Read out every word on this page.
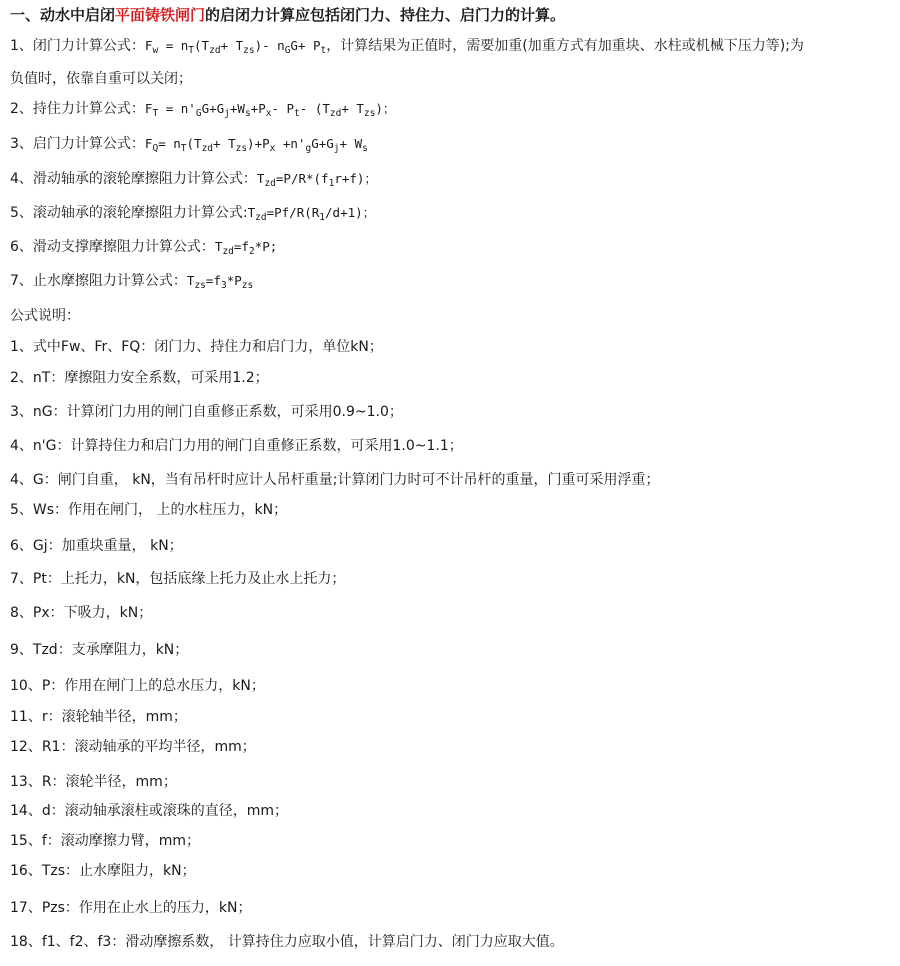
一、动水中启闭平面铸铁闸门的启闭力计算应包括闭门力、持住力、启门力的计算。
1、闭门力计算公式：$F_w = n_T(T_{zd}+ T_{zs})-$ $n_GG+ P_t$，计算结果为正值时，需要加重(加重方式有加重块、水柱或机械下压力等);为
负值时，依靠自重可以关闭；
2、持住力计算公式：$F_T = n'_GG+G_j+W_s+P_x-$ $P_t-$ $(T_{zd}+ T_{zs})$；
3、启门力计算公式：$F_Q= n_T(T_{zd}+ T_{zs})+P_x +n'_gG+G_j+ W_s$
4、滑动轴承的滚轮摩擦阻力计算公式：$T_{zd}=P/R*(f_1r+f)$；
5、滚动轴承的滚轮摩擦阻力计算公式$:T_{zd}=Pf/R(R_1/d+1)$；
6、滑动支撑摩擦阻力计算公式：$T_{zd}=f_2*P$;
7、止水摩擦阻力计算公式：$T_{zs}=f_3*P_{zs}$
公式说明：
1、式中Fw、Fr、FQ：闭门力、持住力和启门力，单位kN；
2、nT：摩擦阻力安全系数，可采用1.2；
3、nG：计算闭门力用的闸门自重修正系数，可采用0.9~1.0；
4、n'G：计算持住力和启门力用的闸门自重修正系数，可采用1.0~1.1；
4、G：闸门自重， kN，当有吊杆时应计人吊杆重量;计算闭门力时可不计吊杆的重量，门重可采用浮重；
5、Ws：作用在闸门， 上的水柱压力，kN；
6、Gj：加重块重量， kN；
7、Pt：上托力，kN，包括底缘上托力及止水上托力；
8、Px：下吸力，kN；
9、Tzd：支承摩阻力，kN；
10、P：作用在闸门上的总水压力，kN；
11、r：滚轮轴半径，mm；
12、R1：滚动轴承的平均半径，mm；
13、R：滚轮半径，mm；
14、d：滚动轴承滚柱或滚珠的直径，mm；
15、f：滚动摩擦力臂，mm；
16、Tzs：止水摩阻力，kN；
17、Pzs：作用在止水上的压力，kN；
18、f1、f2、f3：滑动摩擦系数， 计算持住力应取小值，计算启门力、闭门力应取大值。
